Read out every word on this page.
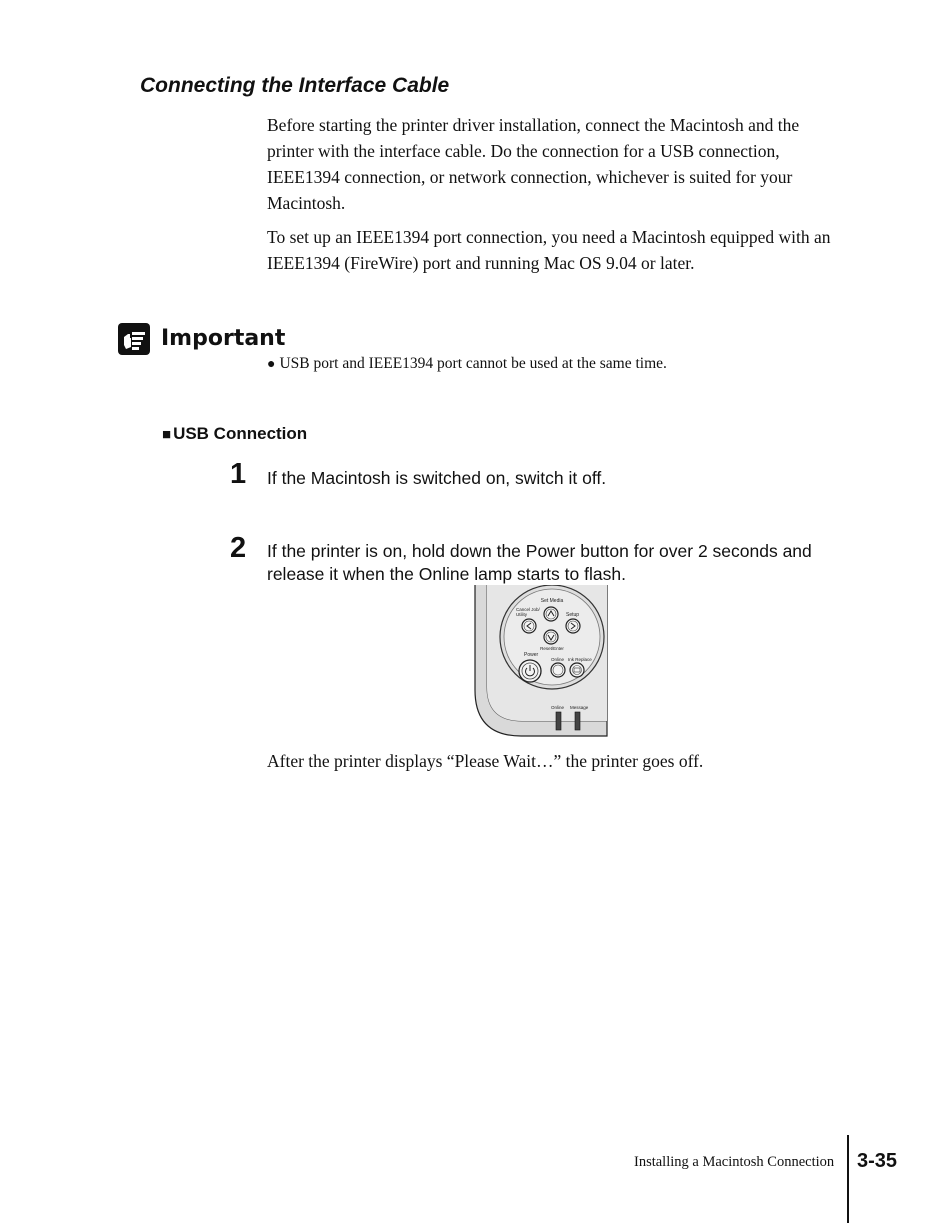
Connecting the Interface Cable

Before starting the printer driver installation, connect the Macintosh and the printer with the interface cable. Do the connection for a USB connection, IEEE1394 connection, or network connection, whichever is suited for your Macintosh.

To set up an IEEE1394 port connection, you need a Macintosh equipped with an IEEE1394 (FireWire) port and running Mac OS 9.04 or later.

Important

● USB port and IEEE1394 port cannot be used at the same time.

■ USB Connection
1 If the Macintosh is switched on, switch it off.

2 If the printer is on, hold down the Power button for over 2 seconds and release it when the Online lamp starts to flash.

Set Media
Cancel Job/
Utility	Setup
Reset/Enter
Power
Online Ink Replace
Online Message

After the printer displays “Please Wait…” the printer goes off.

Installing a Macintosh Connection 3-35
